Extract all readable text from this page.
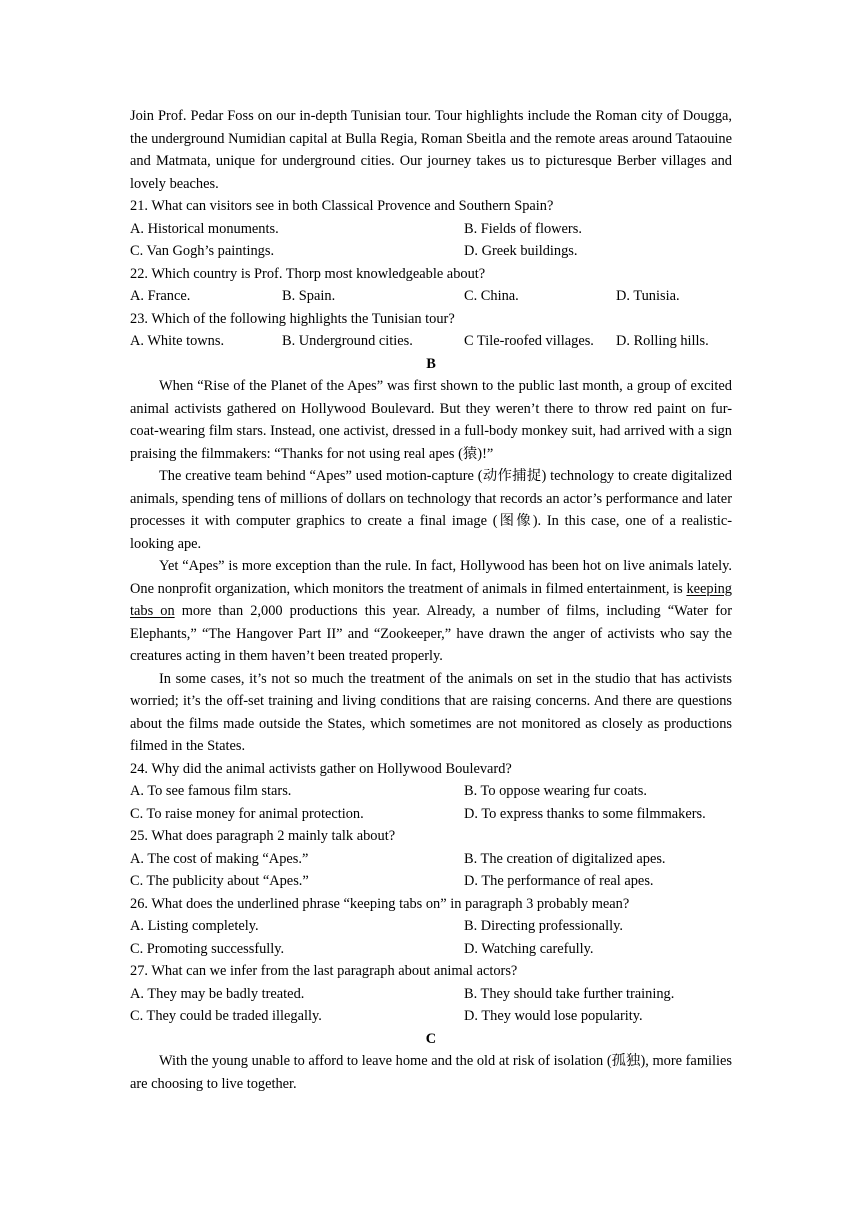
Join Prof. Pedar Foss on our in-depth Tunisian tour. Tour highlights include the Roman city of Dougga, the underground Numidian capital at Bulla Regia, Roman Sbeitla and the remote areas around Tataouine and Matmata, unique for underground cities. Our journey takes us to picturesque Berber villages and lovely beaches.

21. What can visitors see in both Classical Provence and Southern Spain?
A. Historical monuments.	B. Fields of flowers.
C. Van Gogh’s paintings.	D. Greek buildings.
22. Which country is Prof. Thorp most knowledgeable about?
A. France.	B. Spain.	C. China.	D. Tunisia.
23. Which of the following highlights the Tunisian tour?
A. White towns.	B. Underground cities.	C Tile-roofed villages.	D. Rolling hills.
B

When “Rise of the Planet of the Apes” was first shown to the public last month, a group of excited animal activists gathered on Hollywood Boulevard. But they weren’t there to throw red paint on fur-coat-wearing film stars. Instead, one activist, dressed in a full-body monkey suit, had arrived with a sign praising the filmmakers: “Thanks for not using real apes (猿)!”

The creative team behind “Apes” used motion-capture (动作捕捉) technology to create digitalized animals, spending tens of millions of dollars on technology that records an actor’s performance and later processes it with computer graphics to create a final image (图像). In this case, one of a realistic-looking ape.

Yet “Apes” is more exception than the rule. In fact, Hollywood has been hot on live animals lately. One nonprofit organization, which monitors the treatment of animals in filmed entertainment, is keeping tabs on more than 2,000 productions this year. Already, a number of films, including “Water for Elephants,” “The Hangover Part II” and “Zookeeper,” have drawn the anger of activists who say the creatures acting in them haven’t been treated properly.

In some cases, it’s not so much the treatment of the animals on set in the studio that has activists worried; it’s the off-set training and living conditions that are raising concerns. And there are questions about the films made outside the States, which sometimes are not monitored as closely as productions filmed in the States.

24. Why did the animal activists gather on Hollywood Boulevard?
A. To see famous film stars.	B. To oppose wearing fur coats.
C. To raise money for animal protection.	D. To express thanks to some filmmakers.
25. What does paragraph 2 mainly talk about?
A. The cost of making “Apes.”	B. The creation of digitalized apes.
C. The publicity about “Apes.”	D. The performance of real apes.
26. What does the underlined phrase “keeping tabs on” in paragraph 3 probably mean?
A. Listing completely.	B. Directing professionally.
C. Promoting successfully.	D. Watching carefully.
27. What can we infer from the last paragraph about animal actors?
A. They may be badly treated.	B. They should take further training.
C. They could be traded illegally.	D. They would lose popularity.
C

With the young unable to afford to leave home and the old at risk of isolation (孤独), more families are choosing to live together.
